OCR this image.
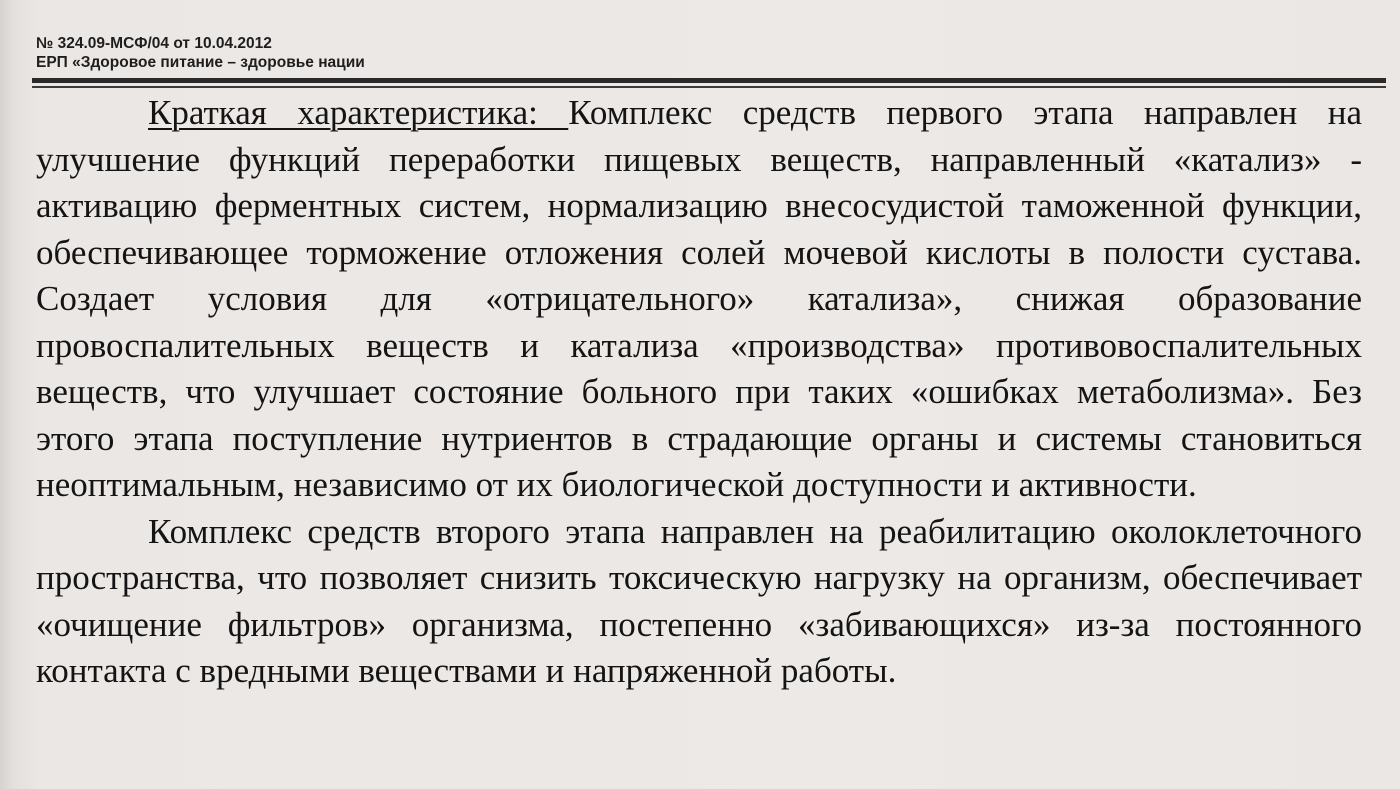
№ 324.09-МСФ/04 от 10.04.2012
ЕРП «Здоровое питание – здоровье нации

Краткая характеристика: Комплекс средств первого этапа направлен на улучшение функций переработки пищевых веществ, направленный «катализ» - активацию ферментных систем, нормализацию внесосудистой таможенной функции, обеспечивающее торможение отложения солей мочевой кислоты в полости сустава. Создает условия для «отрицательного» катализа», снижая образование провоспалительных веществ и катализа «производства» противовоспалительных веществ, что улучшает состояние больного при таких «ошибках метаболизма». Без этого этапа поступление нутриентов в страдающие органы и системы становиться неоптимальным, независимо от их биологической доступности и активности.

Комплекс средств второго этапа направлен на реабилитацию околоклеточного пространства, что позволяет снизить токсическую нагрузку на организм, обеспечивает «очищение фильтров» организма, постепенно «забивающихся» из-за постоянного контакта с вредными веществами и напряженной работы.
